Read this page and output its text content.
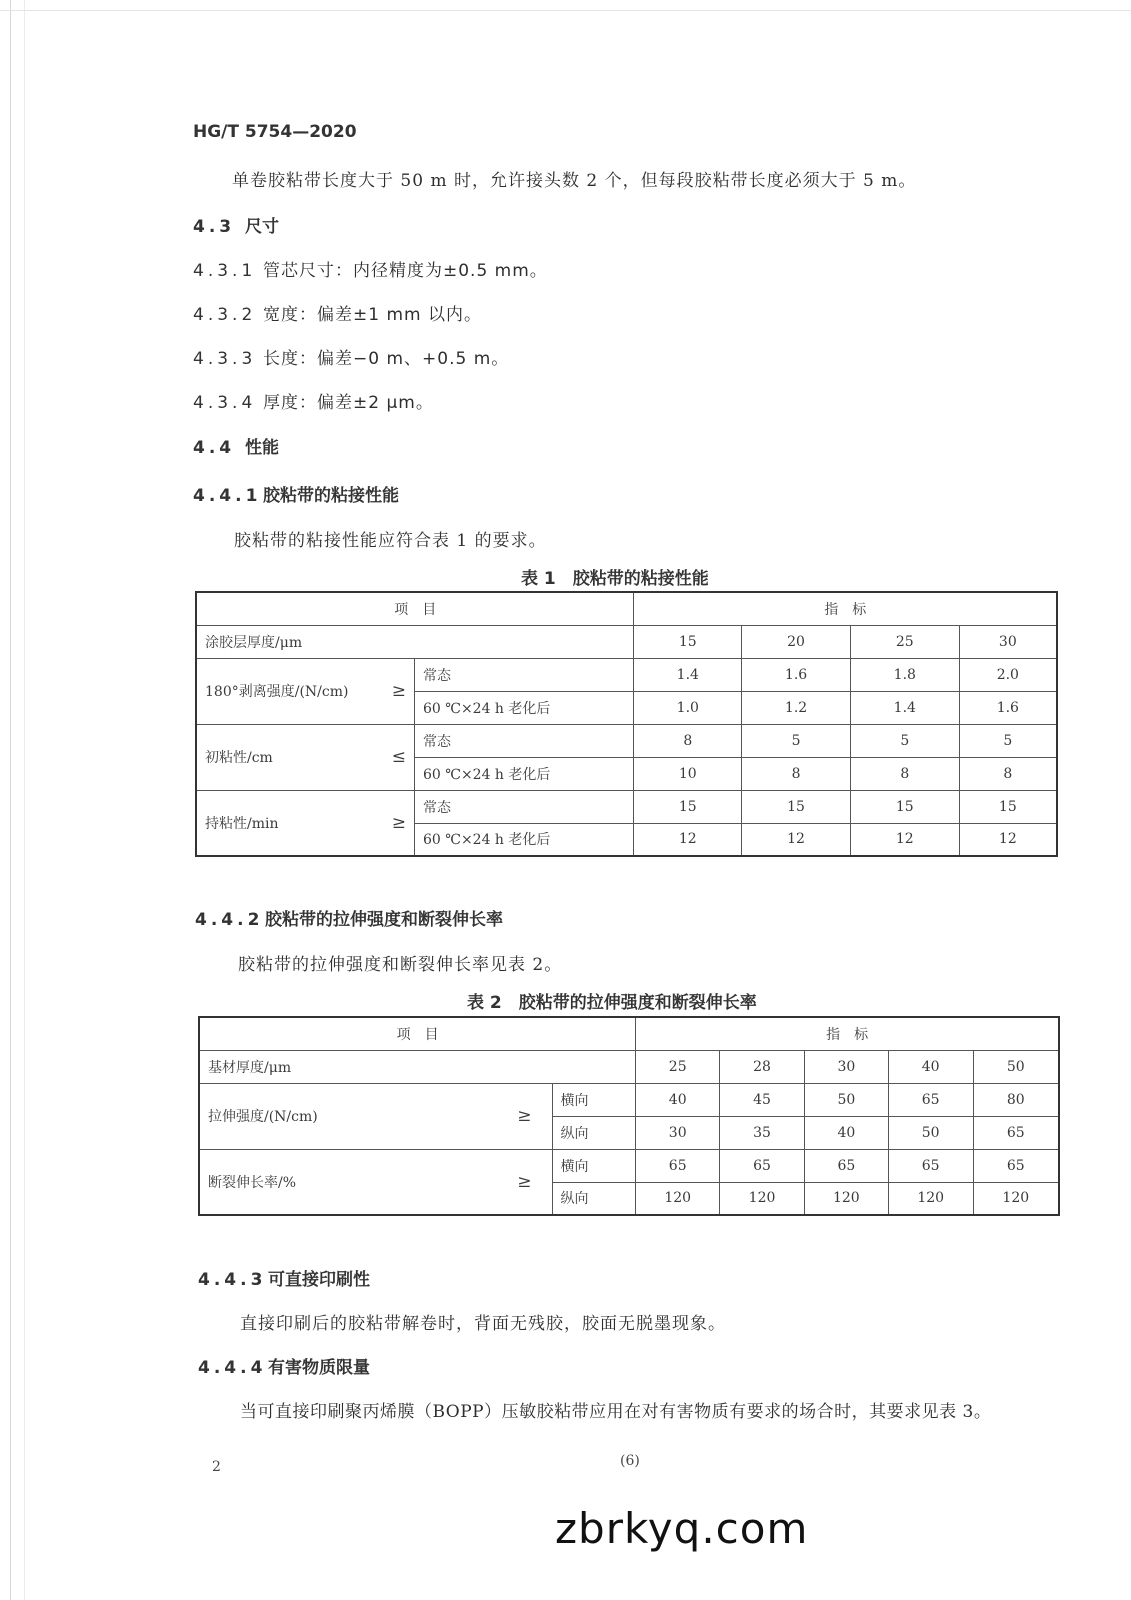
HG/T 5754—2020
单卷胶粘带长度大于 50 m 时，允许接头数 2 个，但每段胶粘带长度必须大于 5 m。
4.3 尺寸
4.3.1 管芯尺寸：内径精度为±0.5 mm。
4.3.2 宽度：偏差±1 mm 以内。
4.3.3 长度：偏差−0 m、+0.5 m。
4.3.4 厚度：偏差±2 μm。
4.4 性能
4.4.1胶粘带的粘接性能
胶粘带的粘接性能应符合表 1 的要求。
表 1　胶粘带的粘接性能
项　目		指　标			
涂胶层厚度/μm		15	20	25	30
180°剥离强度/(N/cm) ≥	常态	1.4	1.6	1.8	2.0
	60 ℃×24 h 老化后	1.0	1.2	1.4	1.6
初粘性/cm ≤	常态	8	5	5	5
	60 ℃×24 h 老化后	10	8	8	8
持粘性/min ≥	常态	15	15	15	15
	60 ℃×24 h 老化后	12	12	12	12
4.4.2胶粘带的拉伸强度和断裂伸长率
胶粘带的拉伸强度和断裂伸长率见表 2。
表 2　胶粘带的拉伸强度和断裂伸长率
项　目		指　标				
基材厚度/μm		25	28	30	40	50
拉伸强度/(N/cm) ≥	横向	40	45	50	65	80
	纵向	30	35	40	50	65
断裂伸长率/% ≥	横向	65	65	65	65	65
	纵向	120	120	120	120	120
4.4.3可直接印刷性
直接印刷后的胶粘带解卷时，背面无残胶，胶面无脱墨现象。
4.4.4有害物质限量
当可直接印刷聚丙烯膜（BOPP）压敏胶粘带应用在对有害物质有要求的场合时，其要求见表 3。
2	(6)
zbrkyq.com
